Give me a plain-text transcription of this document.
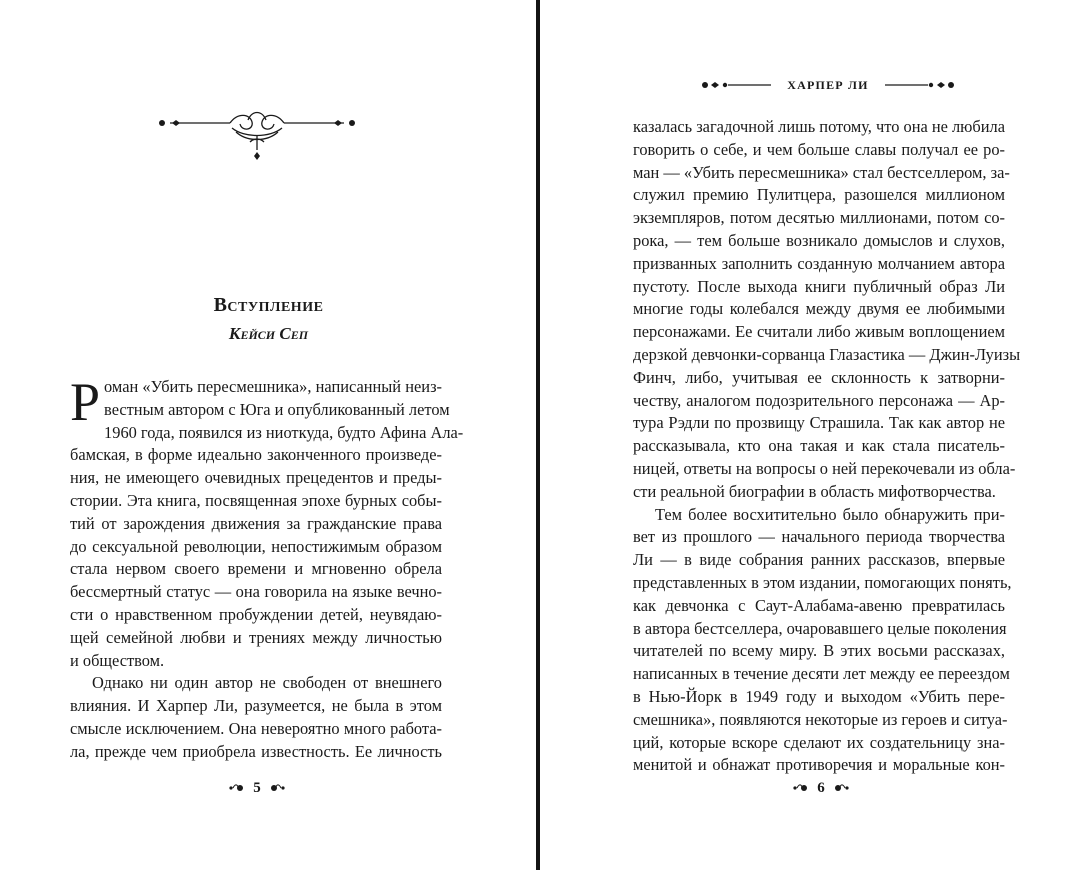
Вступление
Кейси Сеп
Р оман «Убить пересмешника», написанный неиз-
вестным автором с Юга и опубликованный летом
1960 года, появился из ниоткуда, будто Афина Ала-
бамская, в форме идеально законченного произведе-
ния, не имеющего очевидных прецедентов и преды-
стории. Эта книга, посвященная эпохе бурных собы-
тий от зарождения движения за гражданские права
до сексуальной революции, непостижимым образом
стала нервом своего времени и мгновенно обрела
бессмертный статус — она говорила на языке вечно-
сти о нравственном пробуждении детей, неувядаю-
щей семейной любви и трениях между личностью
и обществом.
Однако ни один автор не свободен от внешнего
влияния. И Харпер Ли, разумеется, не была в этом
смысле исключением. Она невероятно много работа-
ла, прежде чем приобрела известность. Ее личность
5
ХАРПЕР ЛИ
казалась загадочной лишь потому, что она не любила
говорить о себе, и чем больше славы получал ее ро-
ман — «Убить пересмешника» стал бестселлером, за-
служил премию Пулитцера, разошелся миллионом
экземпляров, потом десятью миллионами, потом со-
рока, — тем больше возникало домыслов и слухов,
призванных заполнить созданную молчанием автора
пустоту. После выхода книги публичный образ Ли
многие годы колебался между двумя ее любимыми
персонажами. Ее считали либо живым воплощением
дерзкой девчонки-сорванца Глазастика — Джин-Луизы
Финч, либо, учитывая ее склонность к затворни-
честву, аналогом подозрительного персонажа — Ар-
тура Рэдли по прозвищу Страшила. Так как автор не
рассказывала, кто она такая и как стала писатель-
ницей, ответы на вопросы о ней перекочевали из обла-
сти реальной биографии в область мифотворчества.
Тем более восхитительно было обнаружить при-
вет из прошлого — начального периода творчества
Ли — в виде собрания ранних рассказов, впервые
представленных в этом издании, помогающих понять,
как девчонка с Саут-Алабама-авеню превратилась
в автора бестселлера, очаровавшего целые поколения
читателей по всему миру. В этих восьми рассказах,
написанных в течение десяти лет между ее переездом
в Нью-Йорк в 1949 году и выходом «Убить пере-
смешника», появляются некоторые из героев и ситуа-
ций, которые вскоре сделают их создательницу зна-
менитой и обнажат противоречия и моральные кон-
6
